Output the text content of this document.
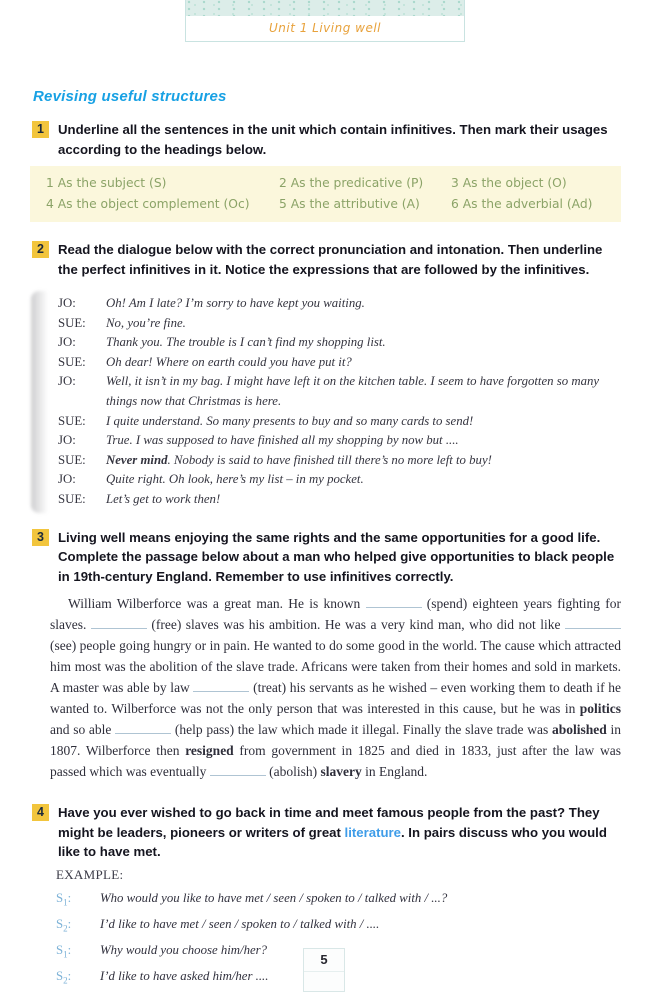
Unit 1 Living well
Revising useful structures
1	Underline all the sentences in the unit which contain infinitives. Then mark their usages according to the headings below.
1 As the subject (S)	2 As the predicative (P)	3 As the object (O)
4 As the object complement (Oc)	5 As the attributive (A)	6 As the adverbial (Ad)
2	Read the dialogue below with the correct pronunciation and intonation. Then underline the perfect infinitives in it. Notice the expressions that are followed by the infinitives.
JO:	Oh! Am I late? I’m sorry to have kept you waiting.
SUE:	No, you’re fine.
JO:	Thank you. The trouble is I can’t find my shopping list.
SUE:	Oh dear! Where on earth could you have put it?
JO:	Well, it isn’t in my bag. I might have left it on the kitchen table. I seem to have forgotten so many things now that Christmas is here.
SUE:	I quite understand. So many presents to buy and so many cards to send!
JO:	True. I was supposed to have finished all my shopping by now but ....
SUE:	Never mind. Nobody is said to have finished till there’s no more left to buy!
JO:	Quite right. Oh look, here’s my list – in my pocket.
SUE:	Let’s get to work then!
3	Living well means enjoying the same rights and the same opportunities for a good life. Complete the passage below about a man who helped give opportunities to black people in 19th-century England. Remember to use infinitives correctly.
William Wilberforce was a great man. He is known	(spend) eighteen years fighting for slaves.	(free) slaves was his ambition. He was a very kind man, who did not like  (see) people going hungry or in pain. He wanted to do some good in the world. The cause which attracted him most was the abolition of the slave trade. Africans were taken from their homes and sold in markets. A master was able by law	(treat) his servants as he wished – even working them to death if he wanted to. Wilberforce was not the only person that was interested in this cause, but he was in politics and so able	(help pass) the law which made it illegal. Finally the slave trade was abolished in 1807. Wilberforce then resigned from government in 1825 and died in 1833, just after the law was passed which was eventually	(abolish) slavery in England.
4	Have you ever wished to go back in time and meet famous people from the past? They might be leaders, pioneers or writers of great literature. In pairs discuss who you would like to have met.
EXAMPLE:
$S_1$:	Who would you like to have met / seen / spoken to / talked with / ...?
$S_2$:	I’d like to have met / seen / spoken to / talked with / ....
$S_1$:	Why would you choose him/her?
$S_2$:	I’d like to have asked him/her ....
5
